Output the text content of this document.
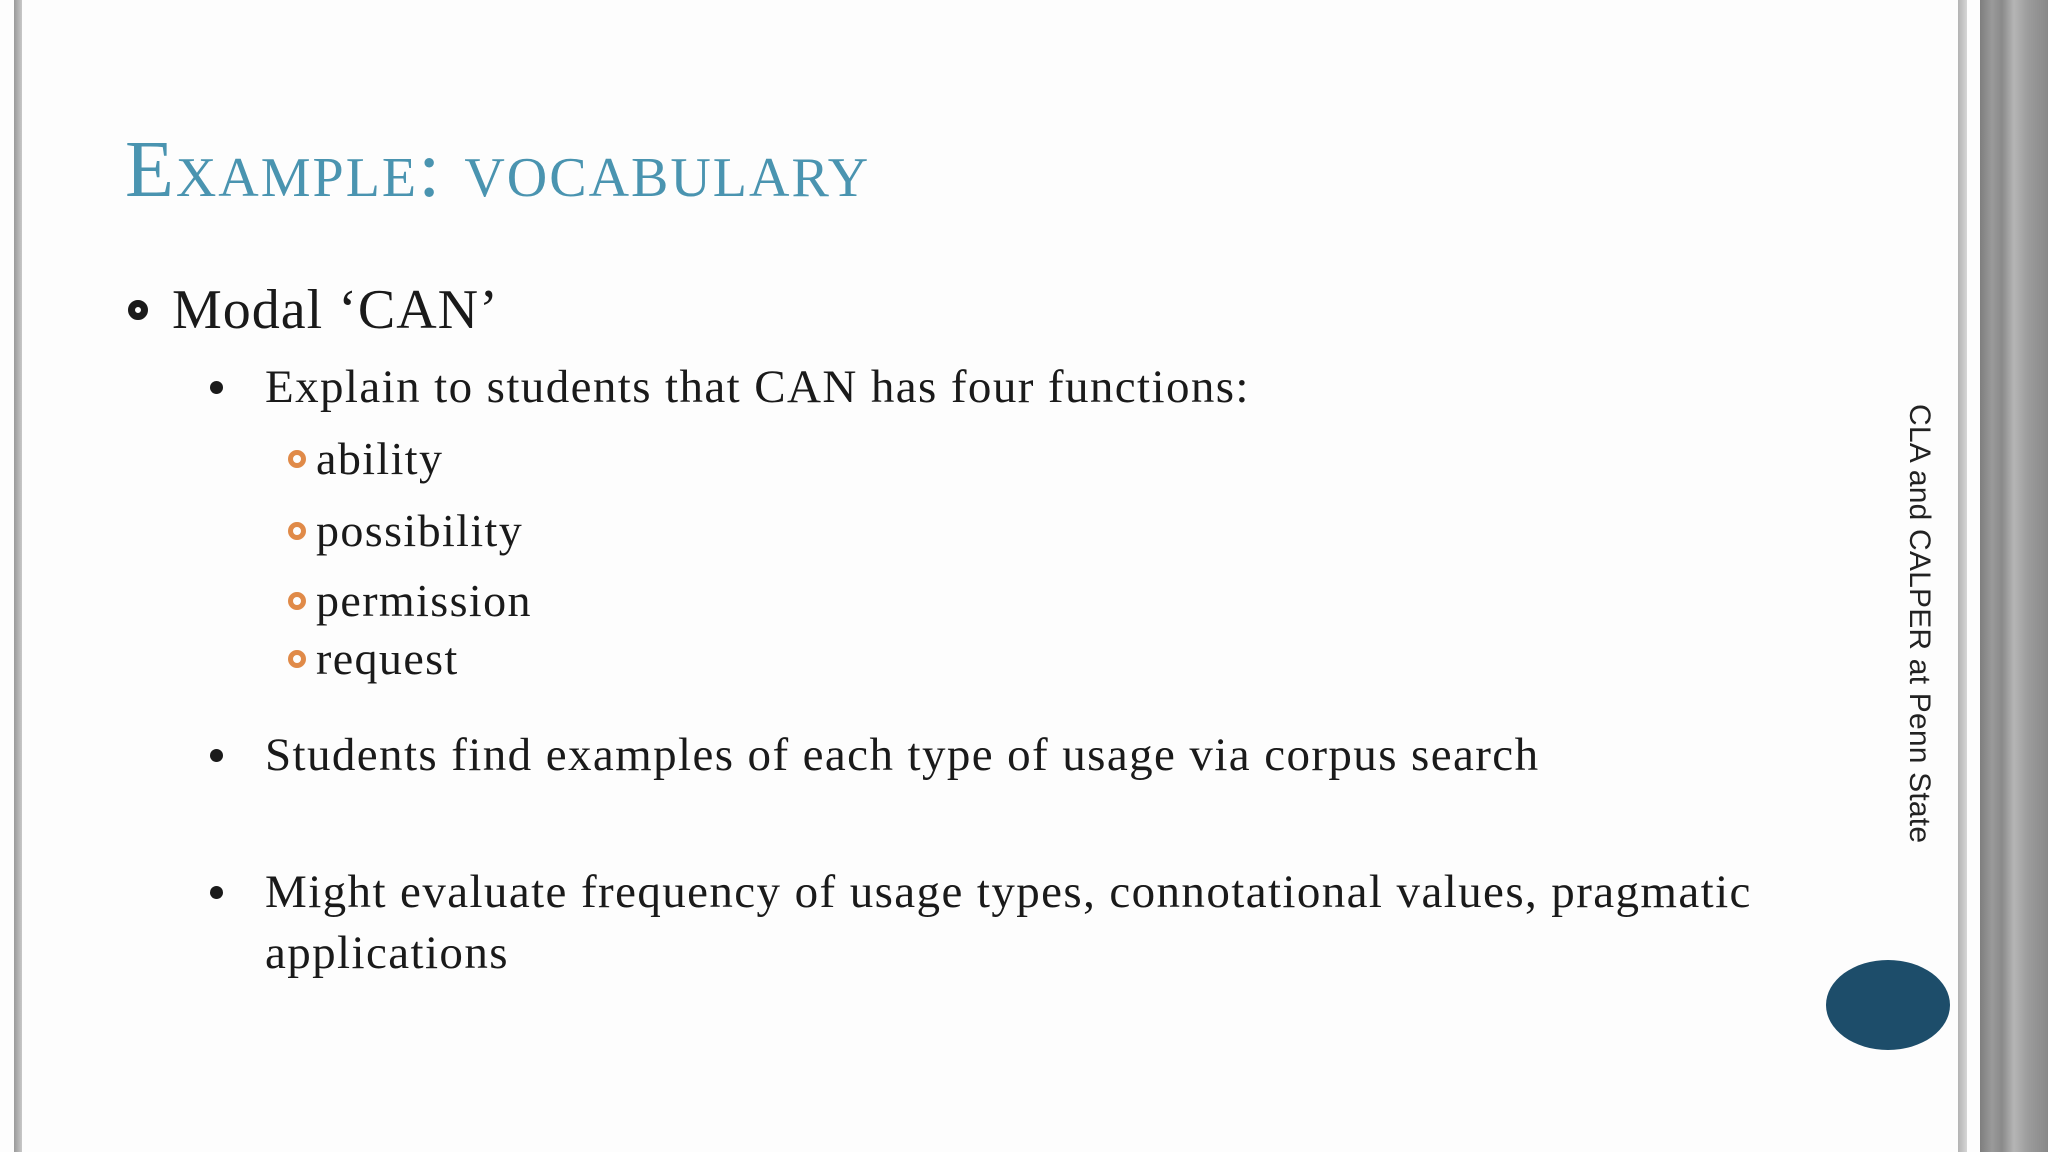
Example: vocabulary
Modal ‘CAN’
Explain to students that CAN has four functions:
ability
possibility
permission
request
Students find examples of each type of usage via corpus search
Might evaluate frequency of usage types, connotational values, pragmatic applications
CLA and CALPER at Penn State
